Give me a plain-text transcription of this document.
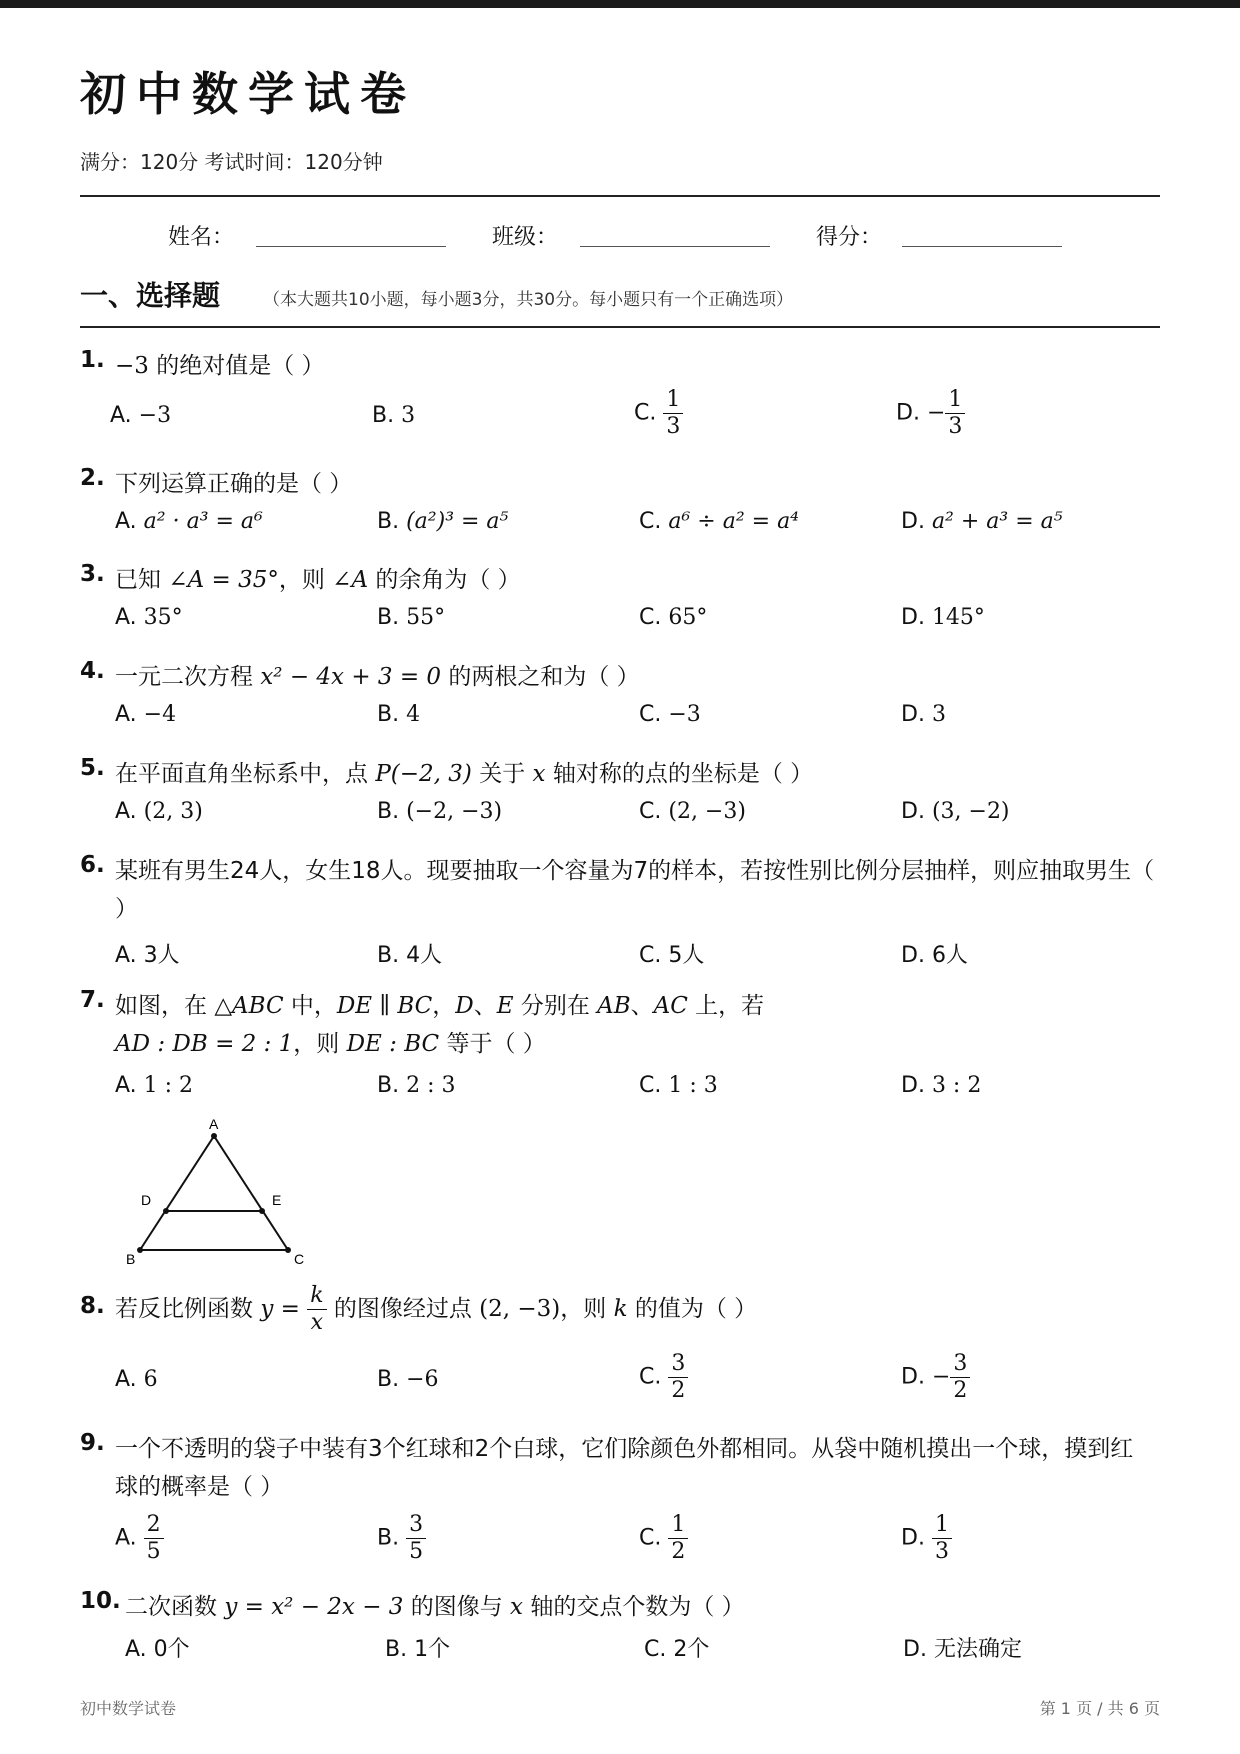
初中数学试卷
满分：120分 考试时间：120分钟
姓名：	班级：	得分：
一、选择题	（本大题共10小题，每小题3分，共30分。每小题只有一个正确选项）
1. −3 的绝对值是（ ）
A. −3	B. 3	C. $\frac{1}{3}$	D. − $\frac{1}{3}$
2. 下列运算正确的是（ ）
A. a² · a³ = a⁶	B. (a²)³ = a⁵	C. a⁶ ÷ a² = a⁴	D. a² + a³ = a⁵
3. 已知 ∠A = 35°，则 ∠A 的余角为（ ）
A. 35°	B. 55°	C. 65°	D. 145°
4. 一元二次方程 x² − 4x + 3 = 0 的两根之和为（ ）
A. −4	B. 4	C. −3	D. 3
5. 在平面直角坐标系中，点 P(−2, 3) 关于 x 轴对称的点的坐标是（ ）
A. (2, 3)	B. (−2, −3)	C. (2, −3)	D. (3, −2)
6. 某班有男生24人，女生18人。现要抽取一个容量为7的样本，若按性别比例分层抽样，则应抽取男生（ ）
A. 3人	B. 4人	C. 5人	D. 6人
7. 如图，在 △ABC 中，DE ∥ BC，D、E 分别在 AB、AC 上，若
AD : DB = 2 : 1，则 DE : BC 等于（ ）
A. 1 : 2	B. 2 : 3	C. 1 : 3	D. 3 : 2
A
D	E
B	C
8. 若反比例函数 $y = \frac{k}{x}$ 的图像经过点 (2, −3)，则 k 的值为（ ）
A. 6	B. −6	C. $\frac{3}{2}$	D. − $\frac{3}{2}$
9. 一个不透明的袋子中装有3个红球和2个白球，它们除颜色外都相同。从袋中随机摸出一个球，摸到红球的概率是（ ）
A. $\frac{2}{5}$	B. $\frac{3}{5}$	C. $\frac{1}{2}$	D. $\frac{1}{3}$
10. 二次函数 y = x² − 2x − 3 的图像与 x 轴的交点个数为（ ）
A. 0个	B. 1个	C. 2个	D. 无法确定
初中数学试卷	第 1 页 / 共 6 页
